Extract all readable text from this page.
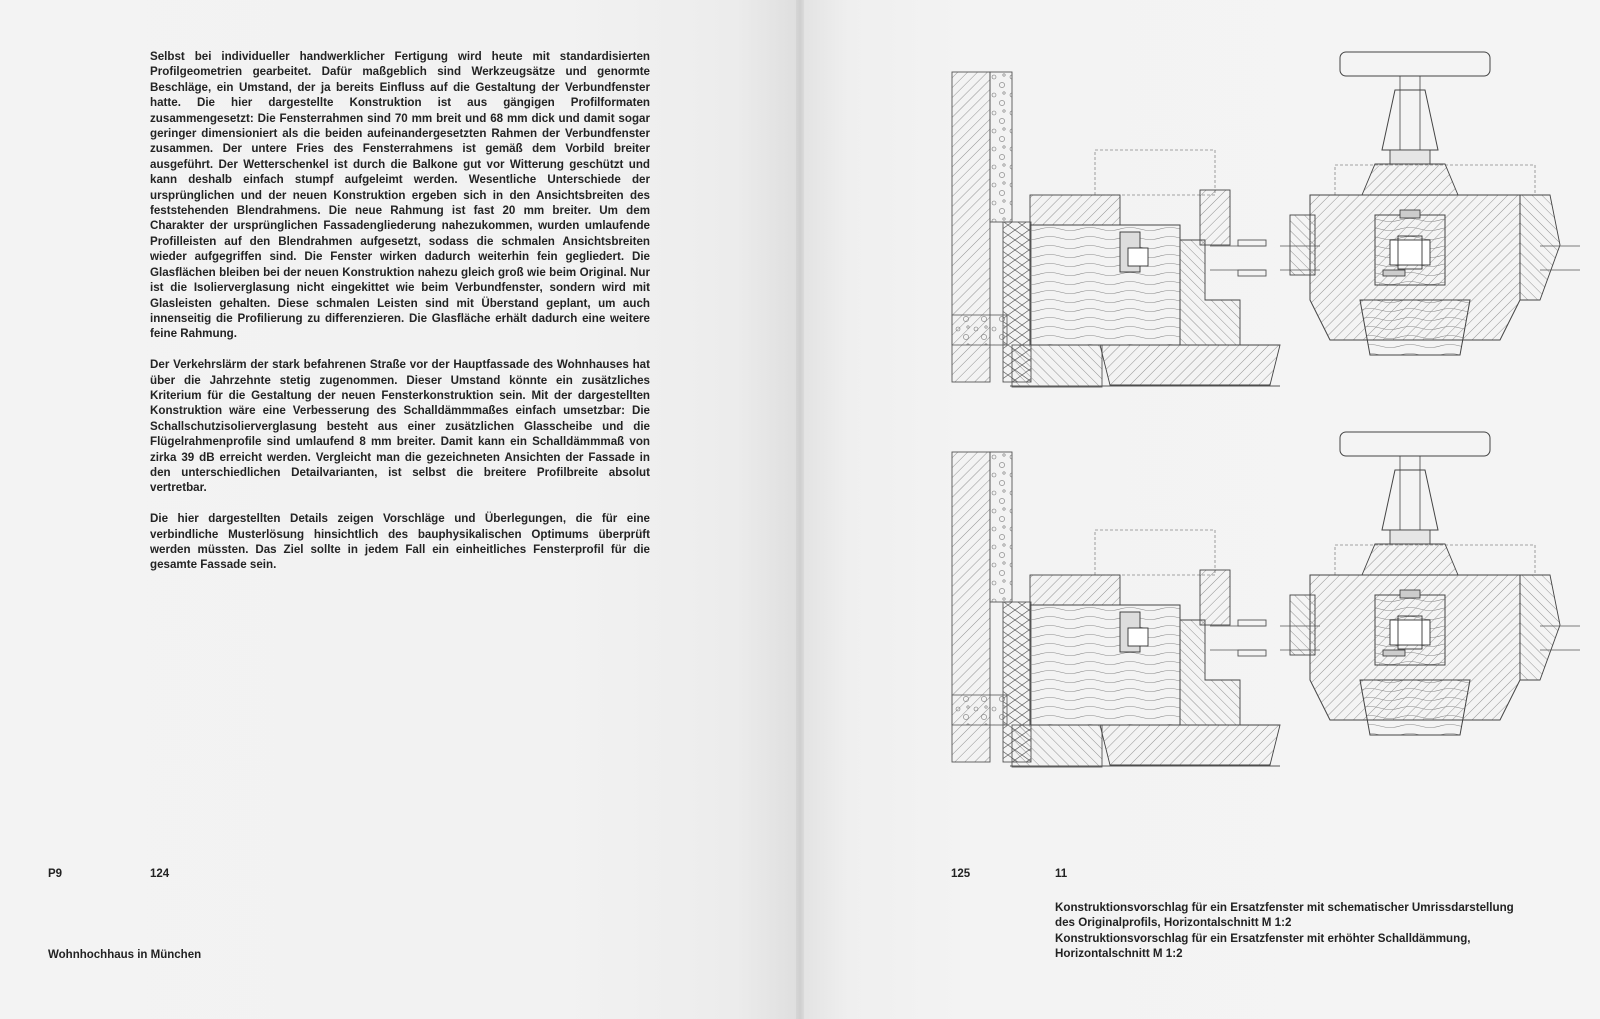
Selbst bei individueller handwerklicher Fertigung wird heute mit standardisierten Profilgeometrien gearbeitet. Dafür maßgeblich sind Werkzeugsätze und genormte Beschläge, ein Umstand, der ja bereits Einfluss auf die Gestaltung der Verbundfenster hatte. Die hier dargestellte Konstruktion ist aus gängigen Profilformaten zusammengesetzt: Die Fensterrahmen sind 70 mm breit und 68 mm dick und damit sogar geringer dimensioniert als die beiden aufeinandergesetzten Rahmen der Verbundfenster zusammen. Der untere Fries des Fensterrahmens ist gemäß dem Vorbild breiter ausgeführt. Der Wetterschenkel ist durch die Balkone gut vor Witterung geschützt und kann deshalb einfach stumpf aufgeleimt werden. Wesentliche Unterschiede der ursprünglichen und der neuen Konstruktion ergeben sich in den Ansichtsbreiten des feststehenden Blendrahmens. Die neue Rahmung ist fast 20 mm breiter. Um dem Charakter der ursprünglichen Fassadengliederung nahezukommen, wurden umlaufende Profilleisten auf den Blendrahmen aufgesetzt, sodass die schmalen Ansichtsbreiten wieder aufgegriffen sind. Die Fenster wirken dadurch weiterhin fein gegliedert. Die Glasflächen bleiben bei der neuen Konstruktion nahezu gleich groß wie beim Original. Nur ist die Isolierverglasung nicht eingekittet wie beim Verbundfenster, sondern wird mit Glasleisten gehalten. Diese schmalen Leisten sind mit Überstand geplant, um auch innenseitig die Profilierung zu differenzieren. Die Glasfläche erhält dadurch eine weitere feine Rahmung.

Der Verkehrslärm der stark befahrenen Straße vor der Hauptfassade des Wohnhauses hat über die Jahrzehnte stetig zugenommen. Dieser Umstand könnte ein zusätzliches Kriterium für die Gestaltung der neuen Fensterkonstruktion sein. Mit der dargestellten Konstruktion wäre eine Verbesserung des Schalldämmmaßes einfach umsetzbar: Die Schallschutzisolierverglasung besteht aus einer zusätzlichen Glasscheibe und die Flügelrahmenprofile sind umlaufend 8 mm breiter. Damit kann ein Schalldämmmaß von zirka 39 dB erreicht werden. Vergleicht man die gezeichneten Ansichten der Fassade in den unterschiedlichen Detailvarianten, ist selbst die breitere Profilbreite absolut vertretbar.

Die hier dargestellten Details zeigen Vorschläge und Überlegungen, die für eine verbindliche Musterlösung hinsichtlich des bauphysikalischen Optimums überprüft werden müssten. Das Ziel sollte in jedem Fall ein einheitliches Fensterprofil für die gesamte Fassade sein.

P9	124
Wohnhochhaus in München
125	11
Konstruktionsvorschlag für ein Ersatzfenster mit schematischer Umrissdarstellung
des Originalprofils, Horizontalschnitt M 1:2
Konstruktionsvorschlag für ein Ersatzfenster mit erhöhter Schalldämmung,
Horizontalschnitt M 1:2
